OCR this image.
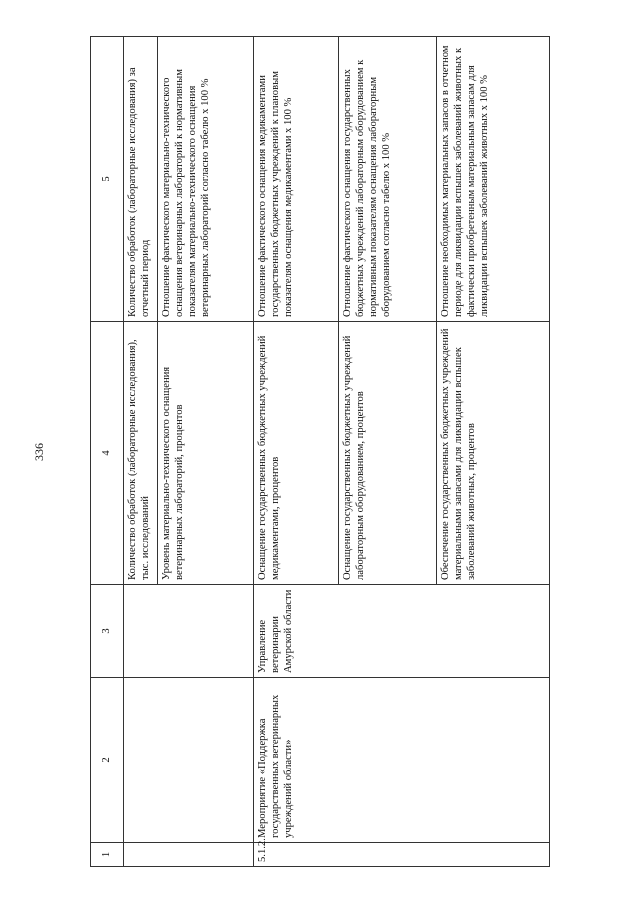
336
1	2	3	4	5
			Количество обработок (лабораторные исследования), тыс. исследований	Количество обработок (лабораторные исследования) за отчетный период
			Уровень материально-технического оснащения ветеринарных лабораторий, процентов	Отношение фактического материально-технического оснащения ветеринарных лабораторий к нормативным показателям материально-технического оснащения ветеринарных лабораторий согласно табелю х 100 %
5.1.2.	Мероприятие «Поддержка государственных ветеринарных учреждений области»	Управление ветеринарии Амурской области	Оснащение государственных бюджетных учреждений медикаментами, процентов	Отношение фактического оснащения медикаментами государственных бюджетных учреждений к плановым показателям оснащения медикаментами х 100 %
			Оснащение государственных бюджетных учреждений лабораторным оборудованием, процентов	Отношение фактического оснащения государственных бюджетных учреждений лабораторным оборудованием к нормативным показателям оснащения лабораторным оборудованием согласно табелю х 100 %
			Обеспечение государственных бюджетных учреждений материальными запасами для ликвидации вспышек заболеваний животных, процентов	Отношение необходимых материальных запасов в отчетном периоде для ликвидации вспышек заболеваний животных к фактически приобретенным материальным запасам для ликвидации вспышек заболеваний животных х 100 %
